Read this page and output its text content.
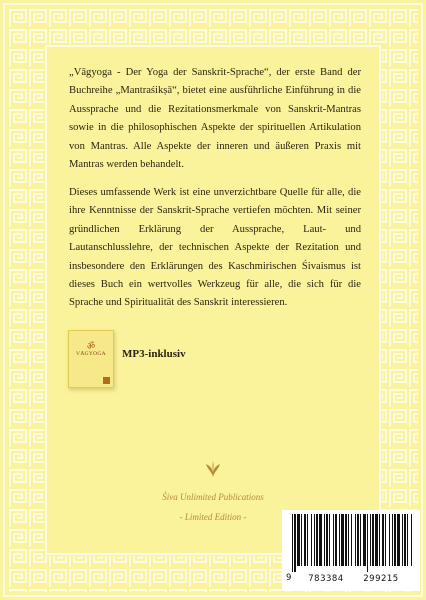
„Vāgyoga - Der Yoga der Sanskrit-Sprache“, der erste Band der Buchreihe „Mantraśikṣā“, bietet eine ausführliche Einführung in die Aussprache und die Rezitationsmerkmale von Sanskrit-Mantras sowie in die philosophischen Aspekte der spirituellen Artikulation von Mantras. Alle Aspekte der inneren und äußeren Praxis mit Mantras werden behandelt.

Dieses umfassende Werk ist eine unverzichtbare Quelle für alle, die ihre Kenntnisse der Sanskrit-Sprache vertiefen möchten. Mit seiner gründlichen Erklärung der Aussprache, Laut- und Lautanschlusslehre, der technischen Aspekte der Rezitation und insbesondere den Erklärungen des Kaschmirischen Śivaismus ist dieses Buch ein wertvolles Werkzeug für alle, die sich für die Sprache und Spiritualität des Sanskrit interessieren.

ॐ
VĀGYOGA	MP3-inklusiv
Śiva Unlimited Publications
- Limited Edition -
9	783384	299215
